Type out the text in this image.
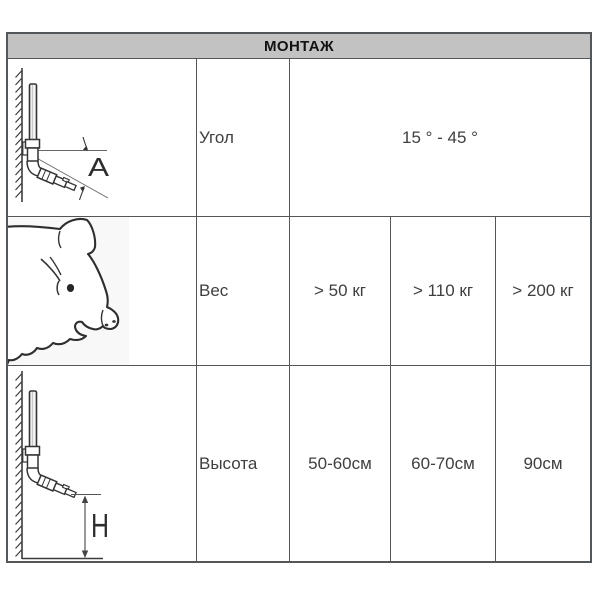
МОНТАЖ
A
Угол	15 ° - 45 °
Вес	> 50 кг	> 110 кг	> 200 кг
H
Высота	50-60см	60-70см	90см
